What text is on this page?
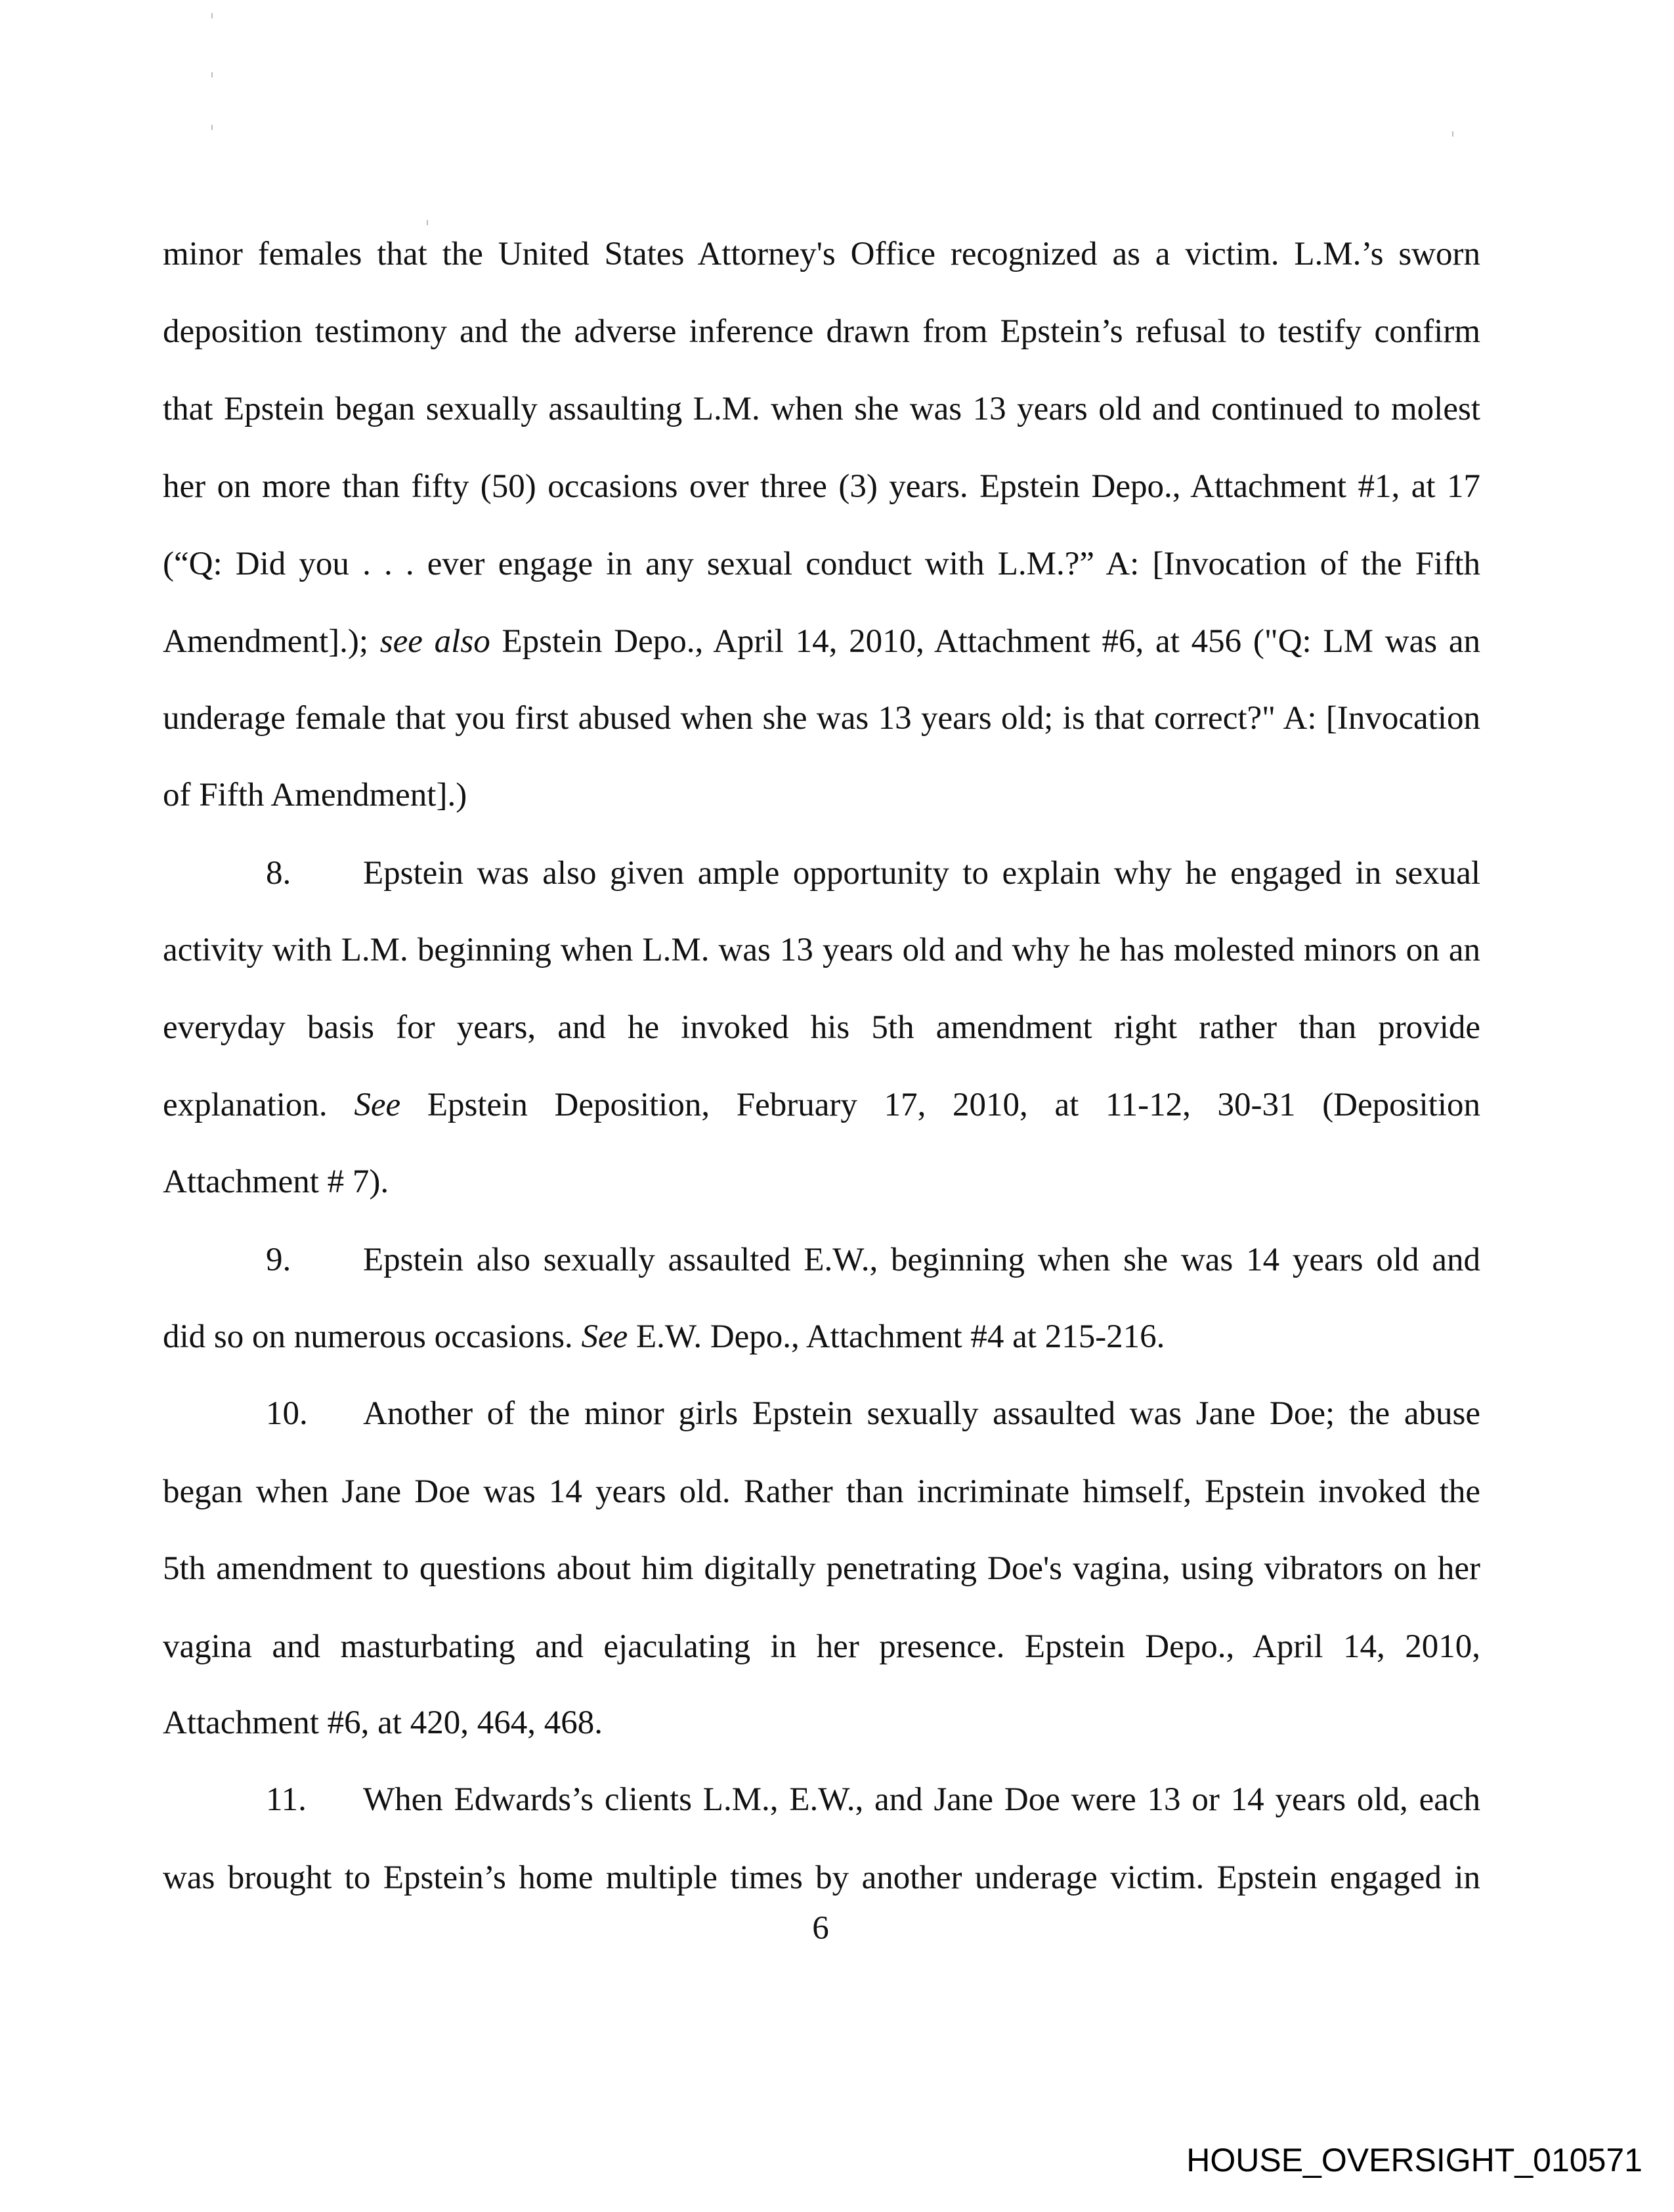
minor females that the United States Attorney's Office recognized as a victim. L.M.’s sworn
deposition testimony and the adverse inference drawn from Epstein’s refusal to testify confirm
that Epstein began sexually assaulting L.M. when she was 13 years old and continued to molest
her on more than fifty (50) occasions over three (3) years. Epstein Depo., Attachment #1, at 17
(“Q: Did you . . . ever engage in any sexual conduct with L.M.?” A: [Invocation of the Fifth
Amendment].); see also Epstein Depo., April 14, 2010, Attachment #6, at 456 ("Q: LM was an
underage female that you first abused when she was 13 years old; is that correct?" A: [Invocation
of Fifth Amendment].)
8. Epstein was also given ample opportunity to explain why he engaged in sexual
activity with L.M. beginning when L.M. was 13 years old and why he has molested minors on an
everyday basis for years, and he invoked his 5th amendment right rather than provide
explanation. See Epstein Deposition, February 17, 2010, at 11-12, 30-31 (Deposition
Attachment # 7).
9. Epstein also sexually assaulted E.W., beginning when she was 14 years old and
did so on numerous occasions. See E.W. Depo., Attachment #4 at 215-216.
10. Another of the minor girls Epstein sexually assaulted was Jane Doe; the abuse
began when Jane Doe was 14 years old. Rather than incriminate himself, Epstein invoked the
5th amendment to questions about him digitally penetrating Doe's vagina, using vibrators on her
vagina and masturbating and ejaculating in her presence. Epstein Depo., April 14, 2010,
Attachment #6, at 420, 464, 468.
11. When Edwards’s clients L.M., E.W., and Jane Doe were 13 or 14 years old, each
was brought to Epstein’s home multiple times by another underage victim. Epstein engaged in
6
HOUSE_OVERSIGHT_010571
